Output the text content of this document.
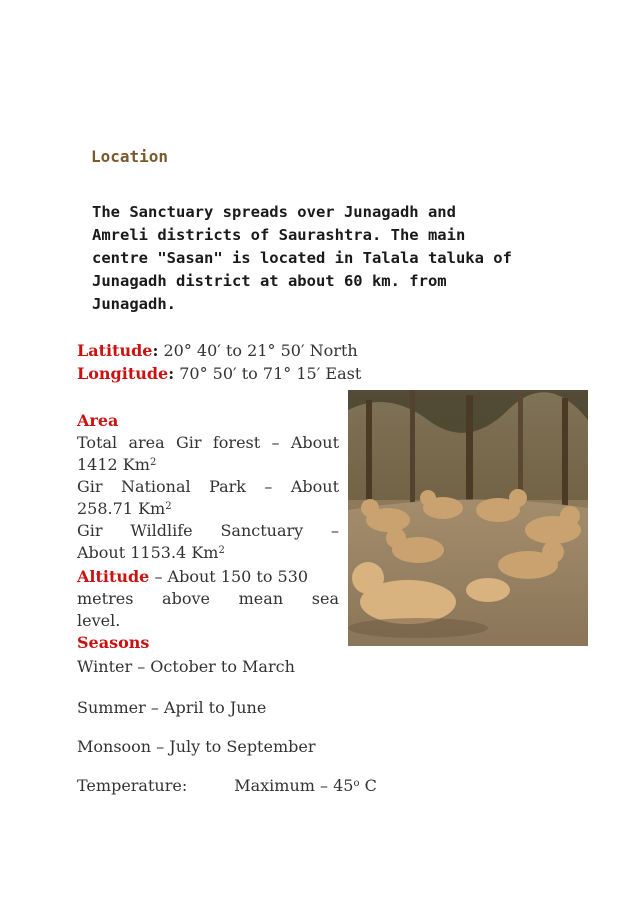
Location

The Sanctuary spreads over Junagadh and
Amreli districts of Saurashtra. The main
centre "Sasan" is located in Talala taluka of
Junagadh district at about 60 km. from
Junagadh.

Latitude: 20° 40′ to 21° 50′ North

Longitude: 70° 50′ to 71° 15′ East

Area

Total area Gir forest – About

1412 Km$^2$

Gir National Park – About

258.71 Km$^2$

Gir Wildlife Sanctuary –

About 1153.4 Km$^2$

Altitude – About 150 to 530

metres above mean sea

level.

Seasons

Winter – October to March

Summer – April to June

Monsoon – July to September

Temperature:	Maximum – 45$^o$ C
